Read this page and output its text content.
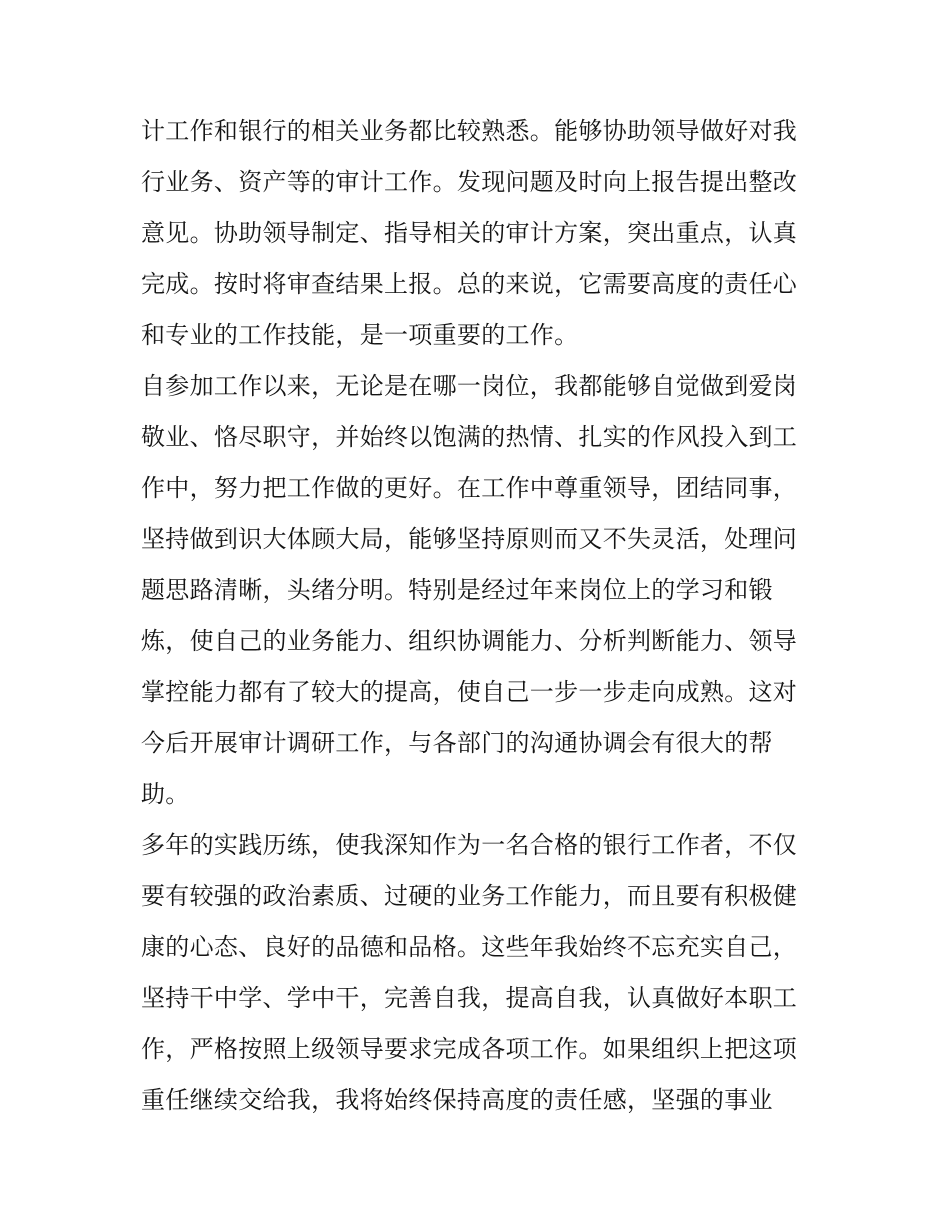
计工作和银行的相关业务都比较熟悉。能够协助领导做好对我
行业务、资产等的审计工作。发现问题及时向上报告提出整改
意见。协助领导制定、指导相关的审计方案，突出重点，认真
完成。按时将审查结果上报。总的来说，它需要高度的责任心
和专业的工作技能，是一项重要的工作。
自参加工作以来，无论是在哪一岗位，我都能够自觉做到爱岗
敬业、恪尽职守，并始终以饱满的热情、扎实的作风投入到工
作中，努力把工作做的更好。在工作中尊重领导，团结同事，
坚持做到识大体顾大局，能够坚持原则而又不失灵活，处理问
题思路清晰，头绪分明。特别是经过年来岗位上的学习和锻
炼，使自己的业务能力、组织协调能力、分析判断能力、领导
掌控能力都有了较大的提高，使自己一步一步走向成熟。这对
今后开展审计调研工作，与各部门的沟通协调会有很大的帮
助。
多年的实践历练，使我深知作为一名合格的银行工作者，不仅
要有较强的政治素质、过硬的业务工作能力，而且要有积极健
康的心态、良好的品德和品格。这些年我始终不忘充实自己，
坚持干中学、学中干，完善自我，提高自我，认真做好本职工
作，严格按照上级领导要求完成各项工作。如果组织上把这项
重任继续交给我，我将始终保持高度的责任感，坚强的事业
